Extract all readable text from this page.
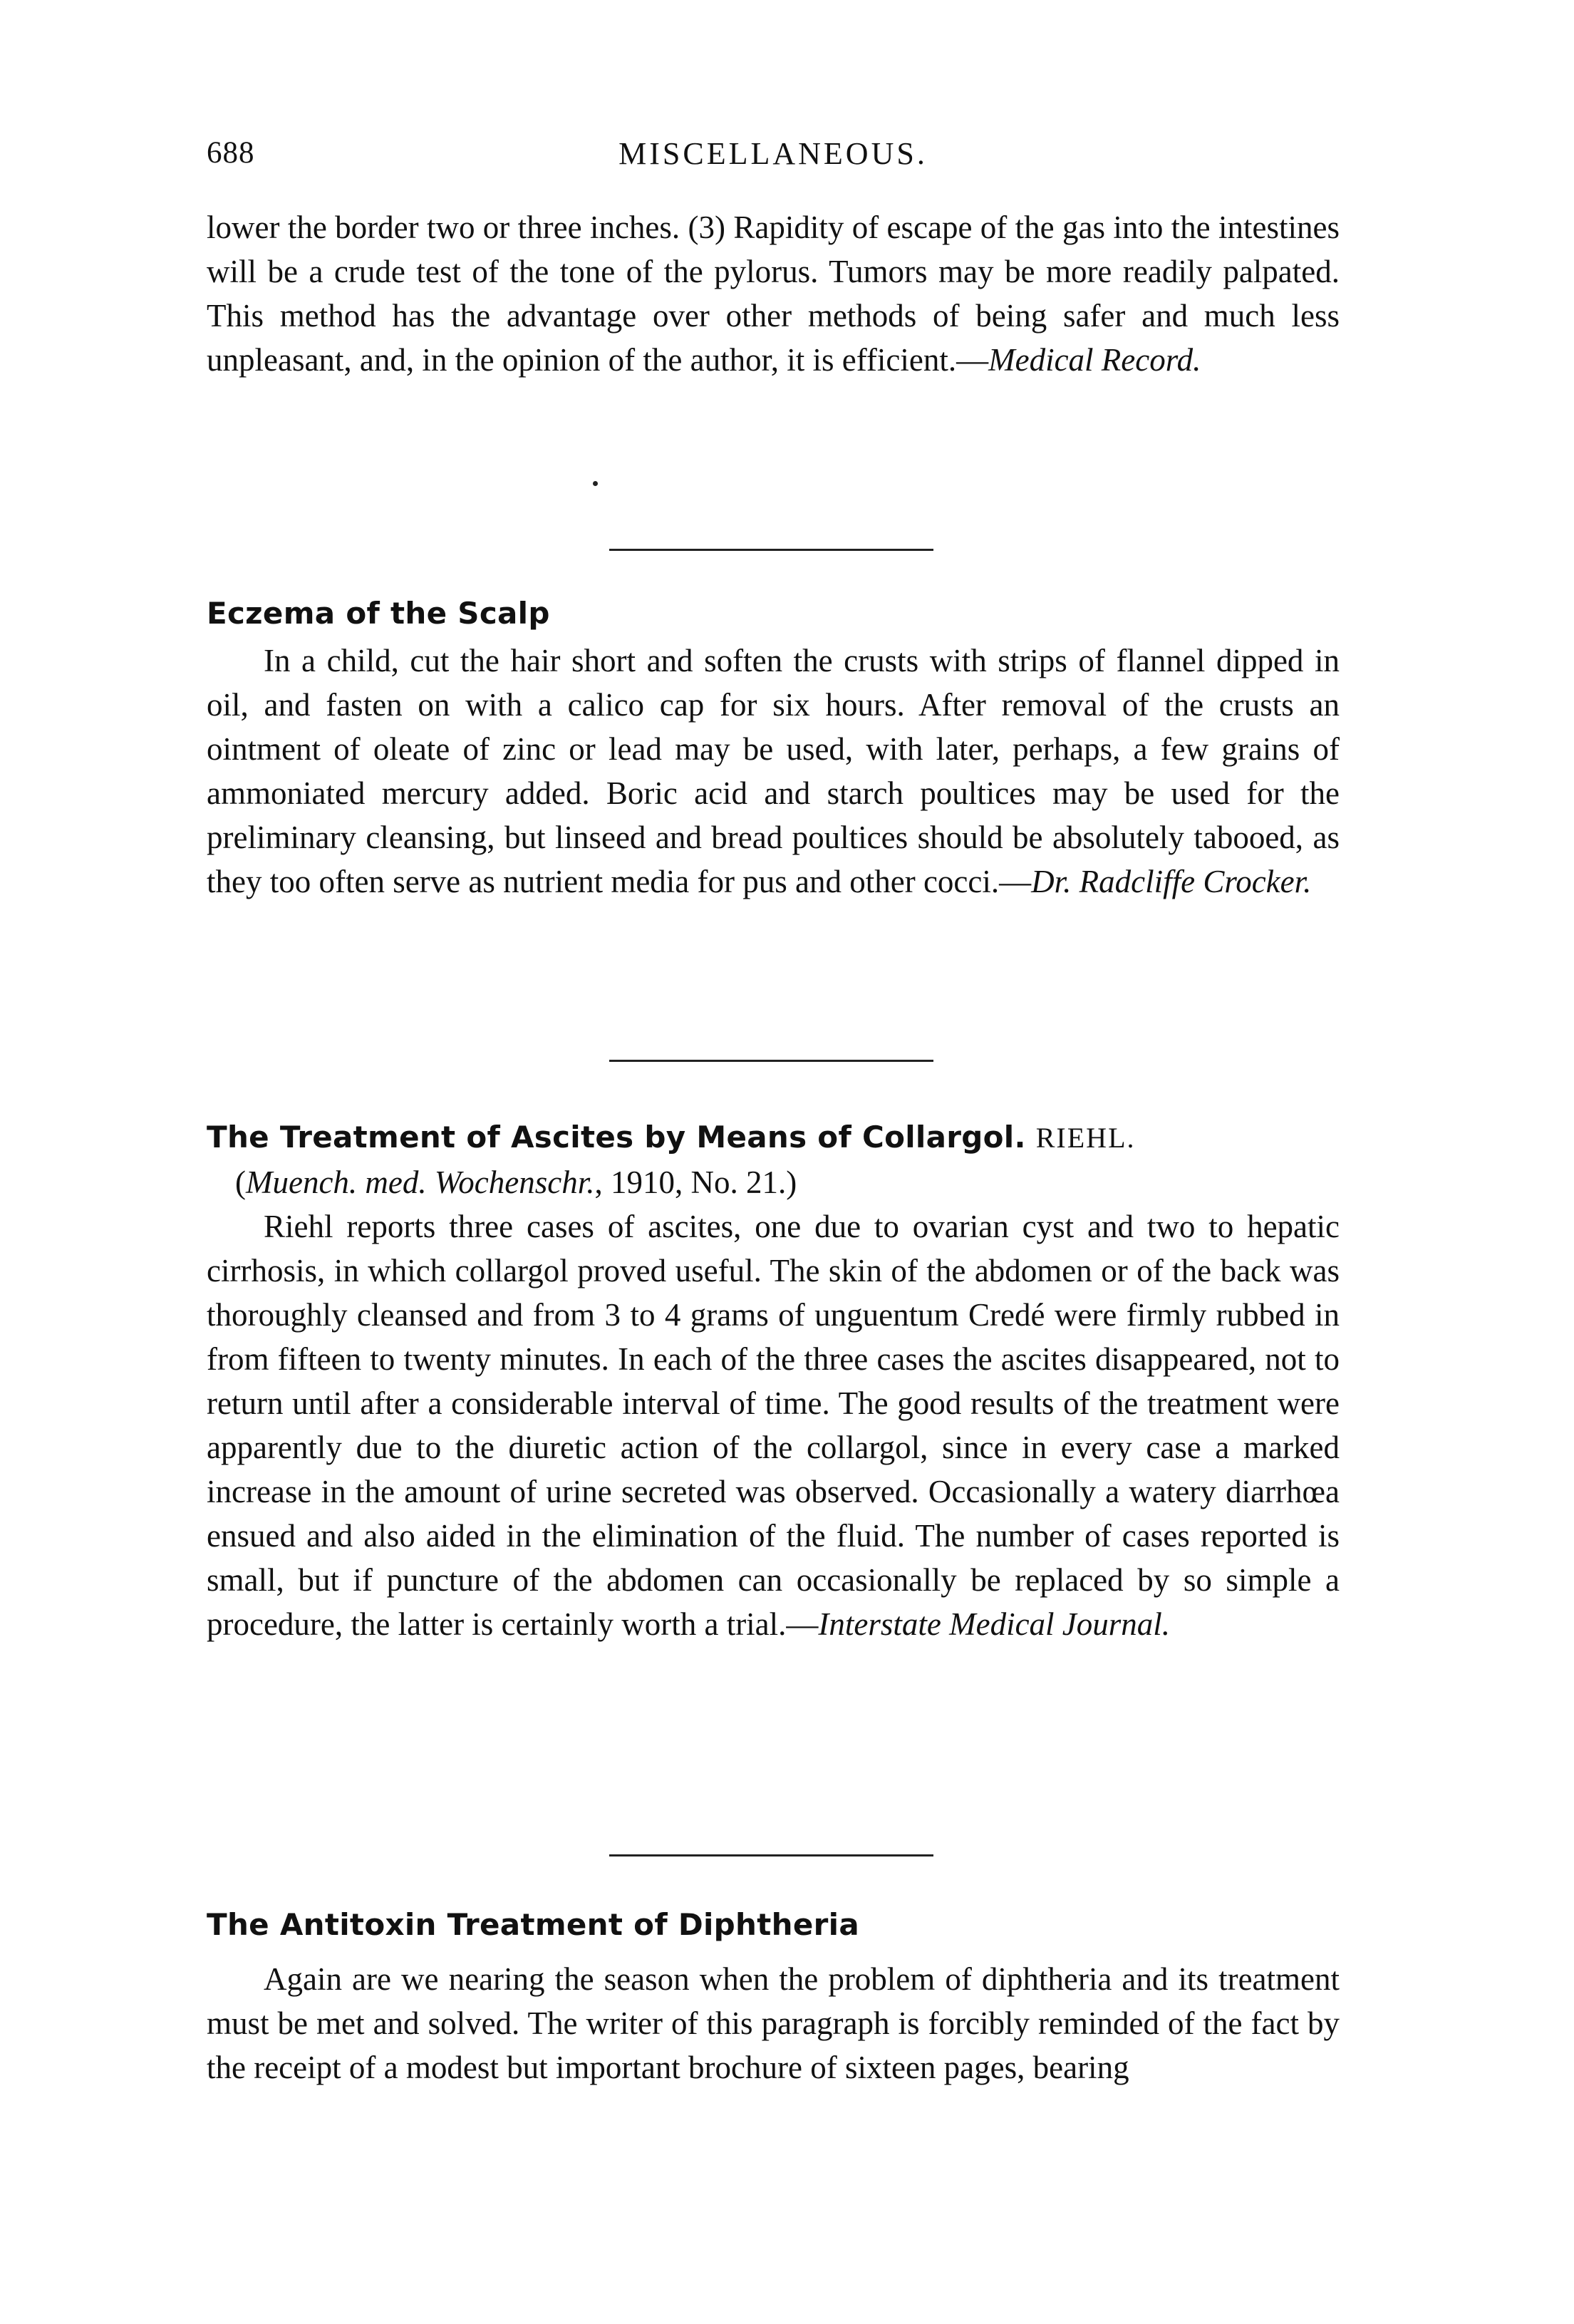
688	MISCELLANEOUS.

lower the border two or three inches. (3) Rapidity of escape of the gas into the intestines will be a crude test of the tone of the pylorus. Tumors may be more readily palpated. This method has the advantage over other methods of being safer and much less unpleasant, and, in the opinion of the author, it is efficient.—Medical Record.

Eczema of the Scalp

In a child, cut the hair short and soften the crusts with strips of flannel dipped in oil, and fasten on with a calico cap for six hours. After removal of the crusts an ointment of oleate of zinc or lead may be used, with later, perhaps, a few grains of ammoniated mercury added. Boric acid and starch poultices may be used for the preliminary cleansing, but linseed and bread poultices should be absolutely tabooed, as they too often serve as nutrient media for pus and other cocci.—Dr. Radcliffe Crocker.

The Treatment of Ascites by Means of Collargol. RIEHL.

(Muench. med. Wochenschr., 1910, No. 21.)

Riehl reports three cases of ascites, one due to ovarian cyst and two to hepatic cirrhosis, in which collargol proved useful. The skin of the abdomen or of the back was thoroughly cleansed and from 3 to 4 grams of unguentum Credé were firmly rubbed in from fifteen to twenty minutes. In each of the three cases the ascites disappeared, not to return until after a considerable interval of time. The good results of the treatment were apparently due to the diuretic action of the collargol, since in every case a marked increase in the amount of urine secreted was observed. Occasionally a watery diarrhœa ensued and also aided in the elimination of the fluid. The number of cases reported is small, but if puncture of the abdomen can occasionally be replaced by so simple a procedure, the latter is certainly worth a trial.—Interstate Medical Journal.

The Antitoxin Treatment of Diphtheria

Again are we nearing the season when the problem of diphtheria and its treatment must be met and solved. The writer of this paragraph is forcibly reminded of the fact by the receipt of a modest but important brochure of sixteen pages, bearing
